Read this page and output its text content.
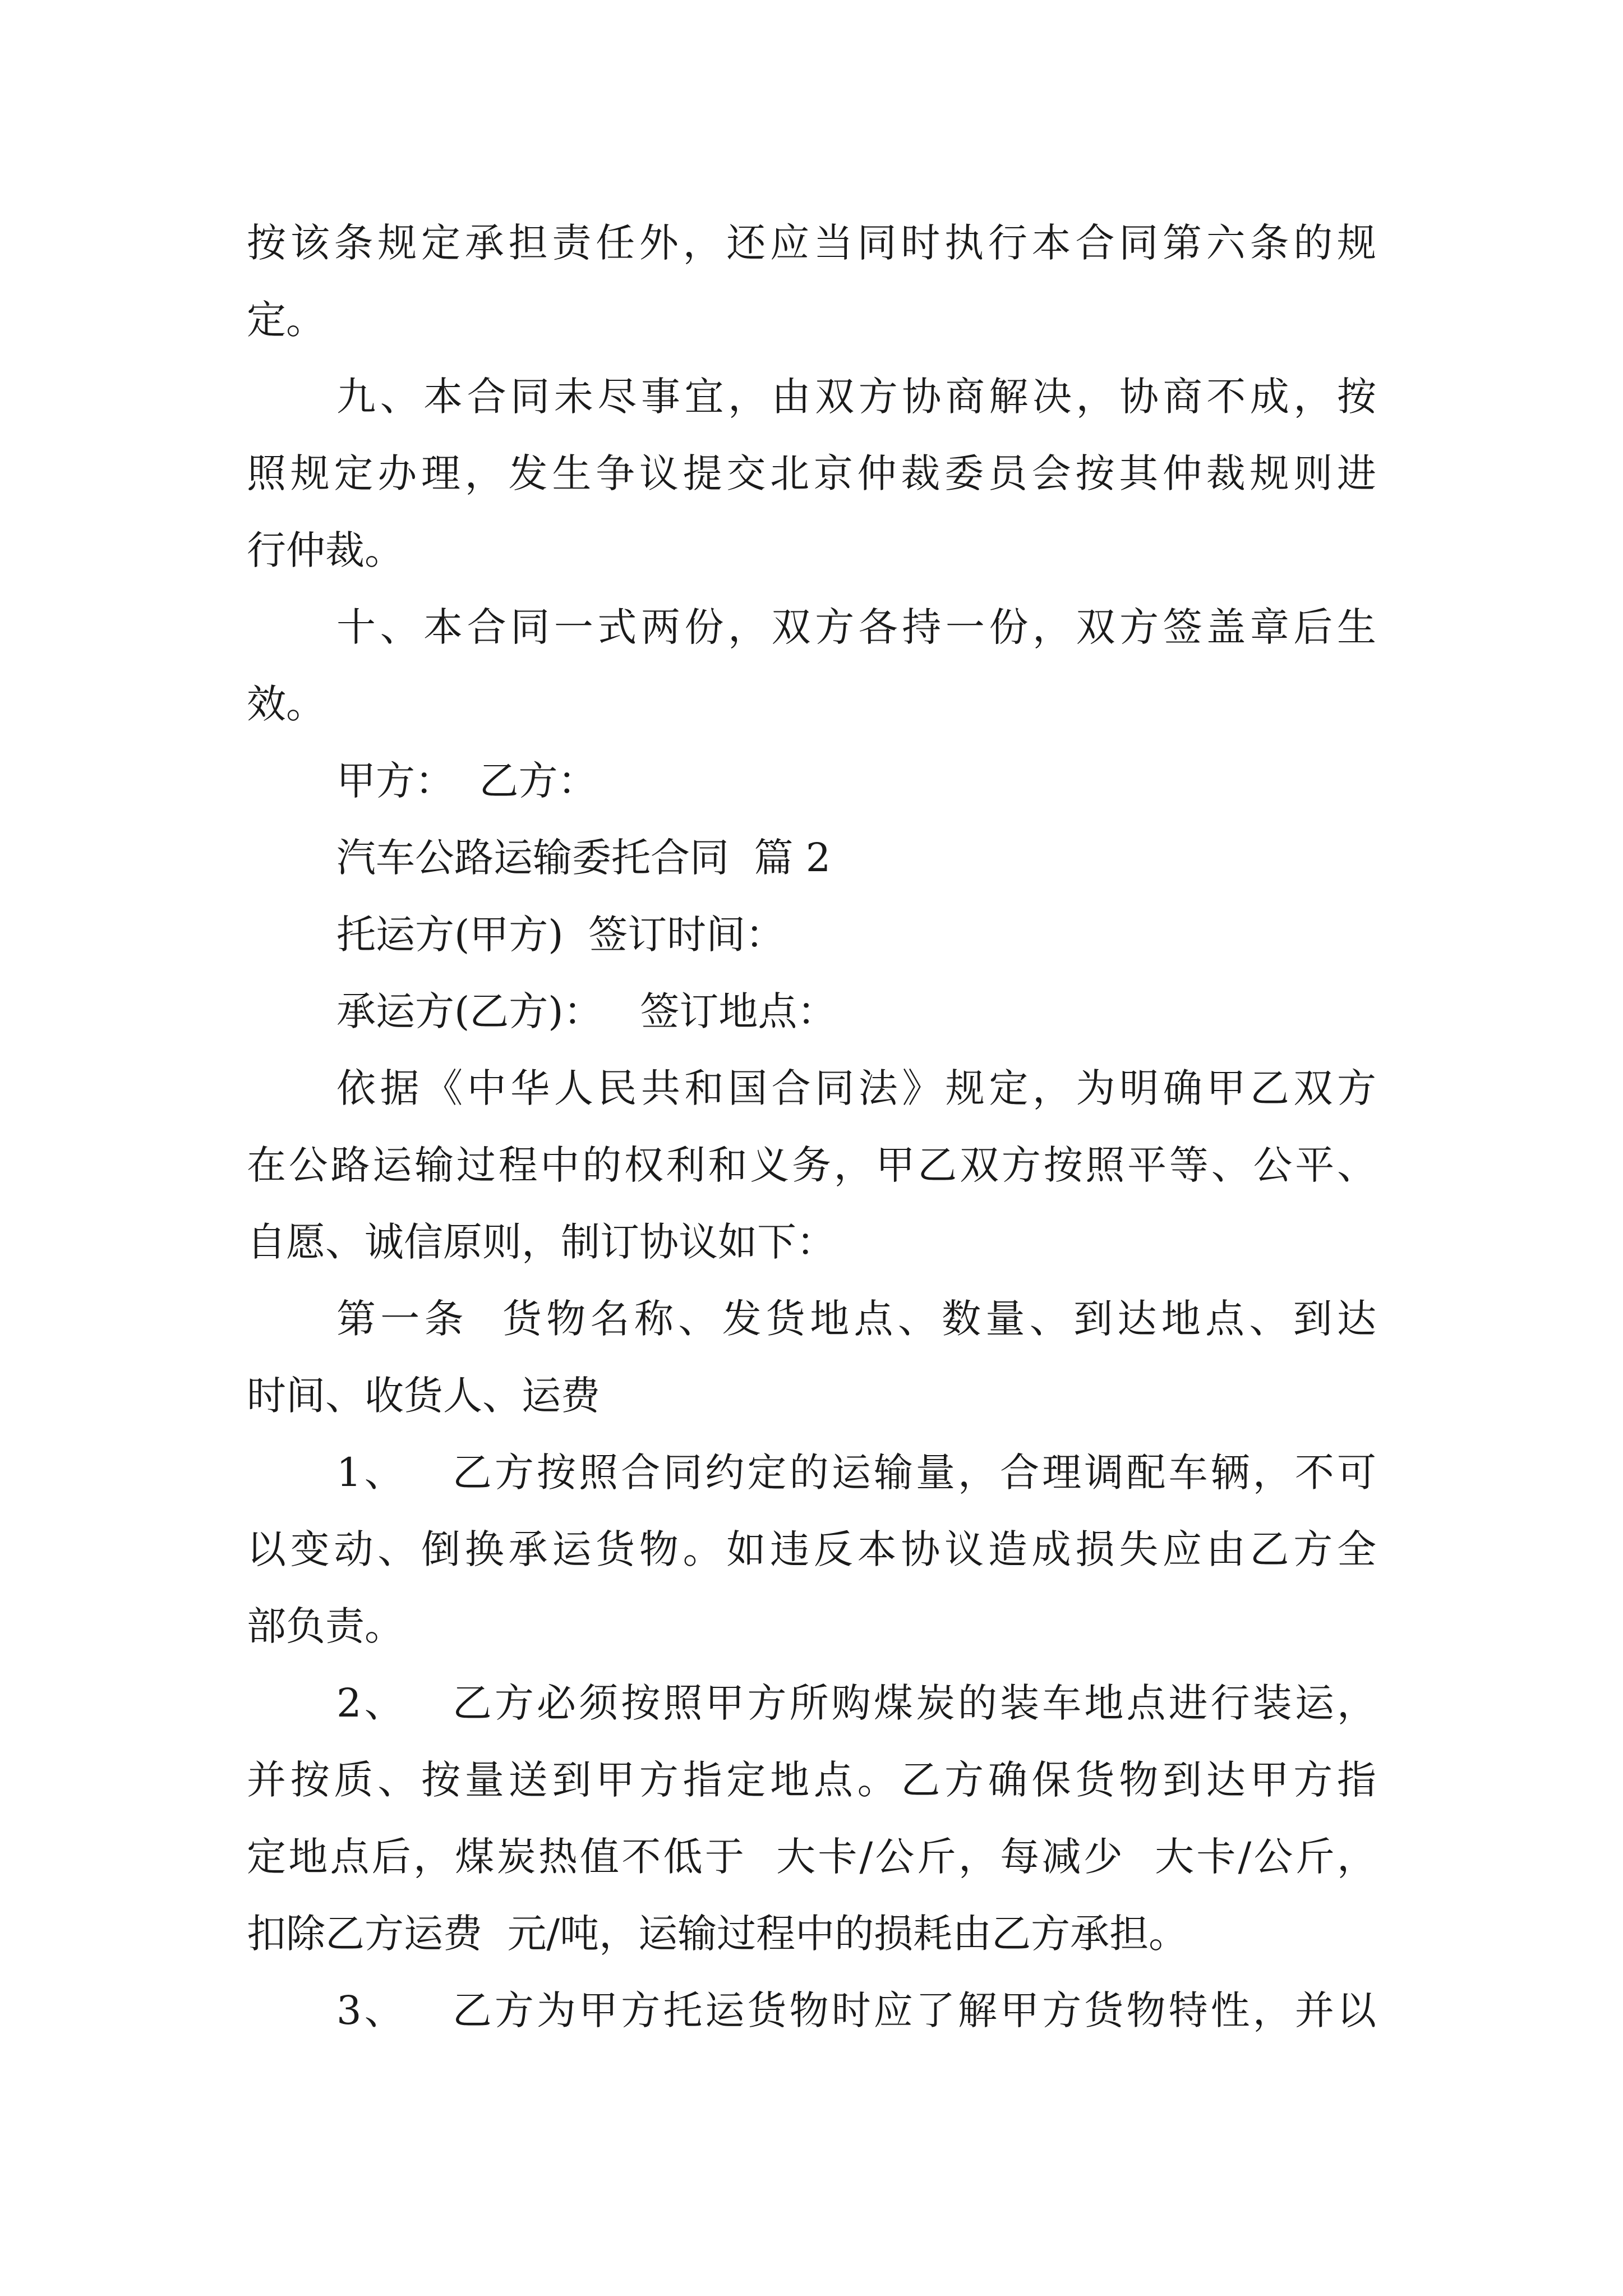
按该条规定承担责任外，还应当同时执行本合同第六条的规

定。

九、本合同未尽事宜，由双方协商解决，协商不成，按

照规定办理，发生争议提交北京仲裁委员会按其仲裁规则进

行仲裁。

十、本合同一式两份，双方各持一份，双方签盖章后生

效。

甲方：  乙方：

汽车公路运输委托合同  篇 2

托运方(甲方)  签订时间：

承运方(乙方)：   签订地点：

依据《中华人民共和国合同法》规定，为明确甲乙双方

在公路运输过程中的权利和义务，甲乙双方按照平等、公平、

自愿、诚信原则，制订协议如下：

第一条  货物名称、发货地点、数量、到达地点、到达

时间、收货人、运费

1、   乙方按照合同约定的运输量，合理调配车辆，不可

以变动、倒换承运货物。如违反本协议造成损失应由乙方全

部负责。

2、   乙方必须按照甲方所购煤炭的装车地点进行装运，

并按质、按量送到甲方指定地点。乙方确保货物到达甲方指

定地点后，煤炭热值不低于  大卡/公斤，每减少  大卡/公斤，

扣除乙方运费  元/吨，运输过程中的损耗由乙方承担。

3、   乙方为甲方托运货物时应了解甲方货物特性，并以
